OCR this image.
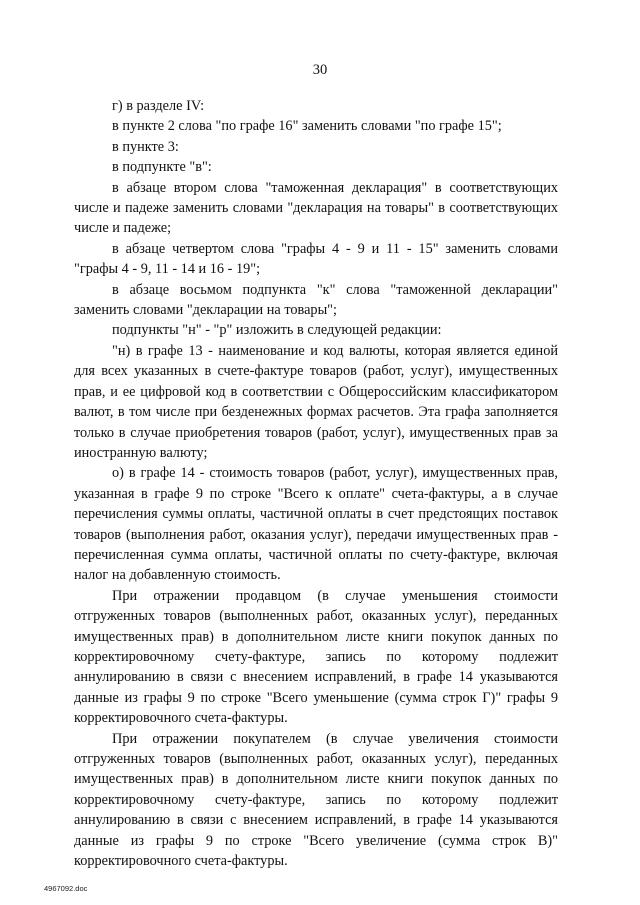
30

г) в разделе IV:

в пункте 2 слова "по графе 16" заменить словами "по графе 15";

в пункте 3:

в подпункте "в":

в абзаце втором слова "таможенная декларация" в соответствующих числе и падеже заменить словами "декларация на товары" в соответствующих числе и падеже;

в абзаце четвертом слова "графы 4 - 9 и 11 - 15" заменить словами "графы 4 - 9, 11 - 14 и 16 - 19";

в абзаце восьмом подпункта "к" слова "таможенной декларации" заменить словами "декларации на товары";

подпункты "н" - "р" изложить в следующей редакции:

"н) в графе 13 - наименование и код валюты, которая является единой для всех указанных в счете-фактуре товаров (работ, услуг), имущественных прав, и ее цифровой код в соответствии с Общероссийским классификатором валют, в том числе при безденежных формах расчетов. Эта графа заполняется только в случае приобретения товаров (работ, услуг), имущественных прав за иностранную валюту;

о) в графе 14 - стоимость товаров (работ, услуг), имущественных прав, указанная в графе 9 по строке "Всего к оплате" счета-фактуры, а в случае перечисления суммы оплаты, частичной оплаты в счет предстоящих поставок товаров (выполнения работ, оказания услуг), передачи имущественных прав - перечисленная сумма оплаты, частичной оплаты по счету-фактуре, включая налог на добавленную стоимость.

При отражении продавцом (в случае уменьшения стоимости отгруженных товаров (выполненных работ, оказанных услуг), переданных имущественных прав) в дополнительном листе книги покупок данных по корректировочному счету-фактуре, запись по которому подлежит аннулированию в связи с внесением исправлений, в графе 14 указываются данные из графы 9 по строке "Всего уменьшение (сумма строк Г)" графы 9 корректировочного счета-фактуры.

При отражении покупателем (в случае увеличения стоимости отгруженных товаров (выполненных работ, оказанных услуг), переданных имущественных прав) в дополнительном листе книги покупок данных по корректировочному счету-фактуре, запись по которому подлежит аннулированию в связи с внесением исправлений, в графе 14 указываются данные из графы 9 по строке "Всего увеличение (сумма строк В)" корректировочного счета-фактуры.

4967092.doc
